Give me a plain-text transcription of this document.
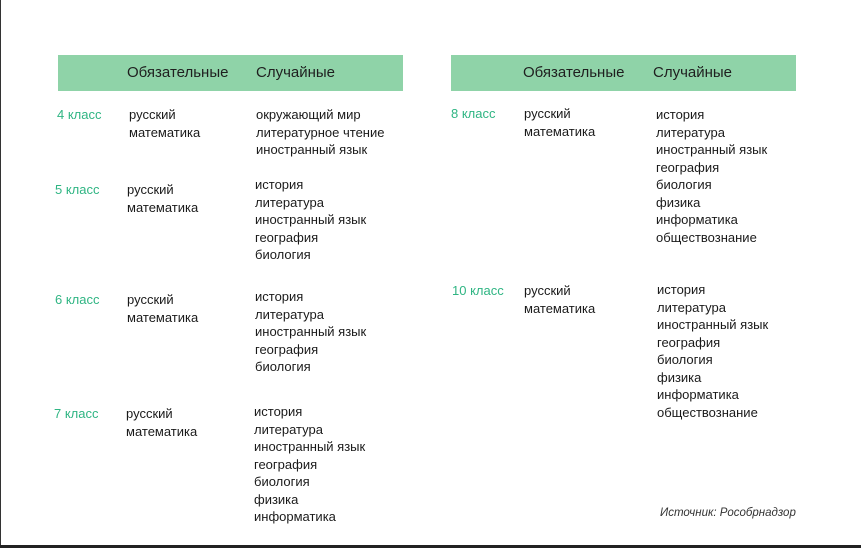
Обязательные Случайные	Обязательные Случайные
4 класс русский
математика
окружающий мир
литературное чтение
иностранный язык
5 класс русский
математика
история
литература
иностранный язык
география
биология
6 класс русский
математика
история
литература
иностранный язык
география
биология
7 класс русский
математика
история
литература
иностранный язык
география
биология
физика
информатика
8 класс русский
математика
история
литература
иностранный язык
география
биология
физика
информатика
обществознание
10 класс русский
математика
история
литература
иностранный язык
география
биология
физика
информатика
обществознание
Источник: Рособрнадзор
